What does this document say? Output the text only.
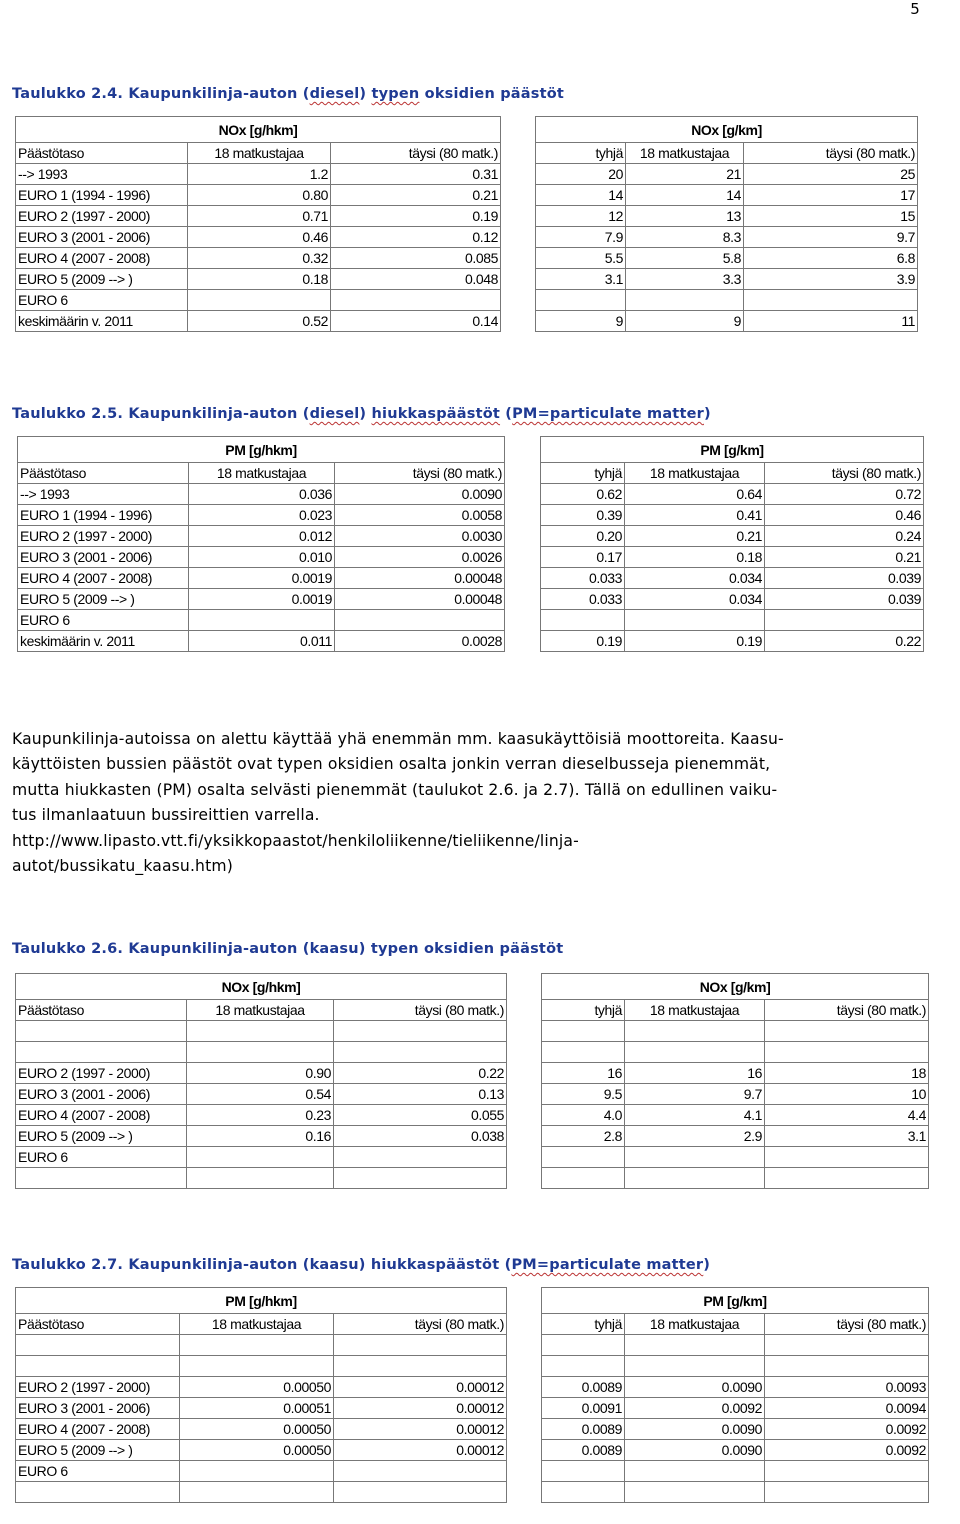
5
Taulukko 2.4. Kaupunkilinja-auton (diesel) typen oksidien päästöt
NOx [g/hkm]				NOx [g/km]		
Päästötaso	18 matkustajaa	täysi (80 matk.)		tyhjä	18 matkustajaa	täysi (80 matk.)
--> 1993	1.2	0.31		20	21	25
EURO 1 (1994 - 1996)	0.80	0.21		14	14	17
EURO 2 (1997 - 2000)	0.71	0.19		12	13	15
EURO 3 (2001 - 2006)	0.46	0.12		7.9	8.3	9.7
EURO 4 (2007 - 2008)	0.32	0.085		5.5	5.8	6.8
EURO 5 (2009 --> )	0.18	0.048		3.1	3.3	3.9
EURO 6						
keskimäärin v. 2011	0.52	0.14		9	9	11
Taulukko 2.5. Kaupunkilinja-auton (diesel) hiukkaspäästöt (PM=particulate matter)
PM [g/hkm]				PM [g/km]		
Päästötaso	18 matkustajaa	täysi (80 matk.)		tyhjä	18 matkustajaa	täysi (80 matk.)
--> 1993	0.036	0.0090		0.62	0.64	0.72
EURO 1 (1994 - 1996)	0.023	0.0058		0.39	0.41	0.46
EURO 2 (1997 - 2000)	0.012	0.0030		0.20	0.21	0.24
EURO 3 (2001 - 2006)	0.010	0.0026		0.17	0.18	0.21
EURO 4 (2007 - 2008)	0.0019	0.00048		0.033	0.034	0.039
EURO 5 (2009 --> )	0.0019	0.00048		0.033	0.034	0.039
EURO 6						
keskimäärin v. 2011	0.011	0.0028		0.19	0.19	0.22

Kaupunkilinja-autoissa on alettu käyttää yhä enemmän mm. kaasukäyttöisiä moottoreita. Kaasu-

käyttöisten bussien päästöt ovat typen oksidien osalta jonkin verran dieselbusseja pienemmät,

mutta hiukkasten (PM) osalta selvästi pienemmät (taulukot 2.6. ja 2.7). Tällä on edullinen vaiku-

tus ilmanlaatuun bussireittien varrella.

http://www.lipasto.vtt.fi/yksikkopaastot/henkiloliikenne/tieliikenne/linja-

autot/bussikatu_kaasu.htm)

Taulukko 2.6. Kaupunkilinja-auton (kaasu) typen oksidien päästöt
NOx [g/hkm]				NOx [g/km]		
Päästötaso	18 matkustajaa	täysi (80 matk.)		tyhjä	18 matkustajaa	täysi (80 matk.)

EURO 2 (1997 - 2000)	0.90	0.22		16	16	18
EURO 3 (2001 - 2006)	0.54	0.13		9.5	9.7	10
EURO 4 (2007 - 2008)	0.23	0.055		4.0	4.1	4.4
EURO 5 (2009 --> )	0.16	0.038		2.8	2.9	3.1
EURO 6						

Taulukko 2.7. Kaupunkilinja-auton (kaasu) hiukkaspäästöt (PM=particulate matter)
PM [g/hkm]				PM [g/km]		
Päästötaso	18 matkustajaa	täysi (80 matk.)		tyhjä	18 matkustajaa	täysi (80 matk.)

EURO 2 (1997 - 2000)	0.00050	0.00012		0.0089	0.0090	0.0093
EURO 3 (2001 - 2006)	0.00051	0.00012		0.0091	0.0092	0.0094
EURO 4 (2007 - 2008)	0.00050	0.00012		0.0089	0.0090	0.0092
EURO 5 (2009 --> )	0.00050	0.00012		0.0089	0.0090	0.0092
EURO 6						
